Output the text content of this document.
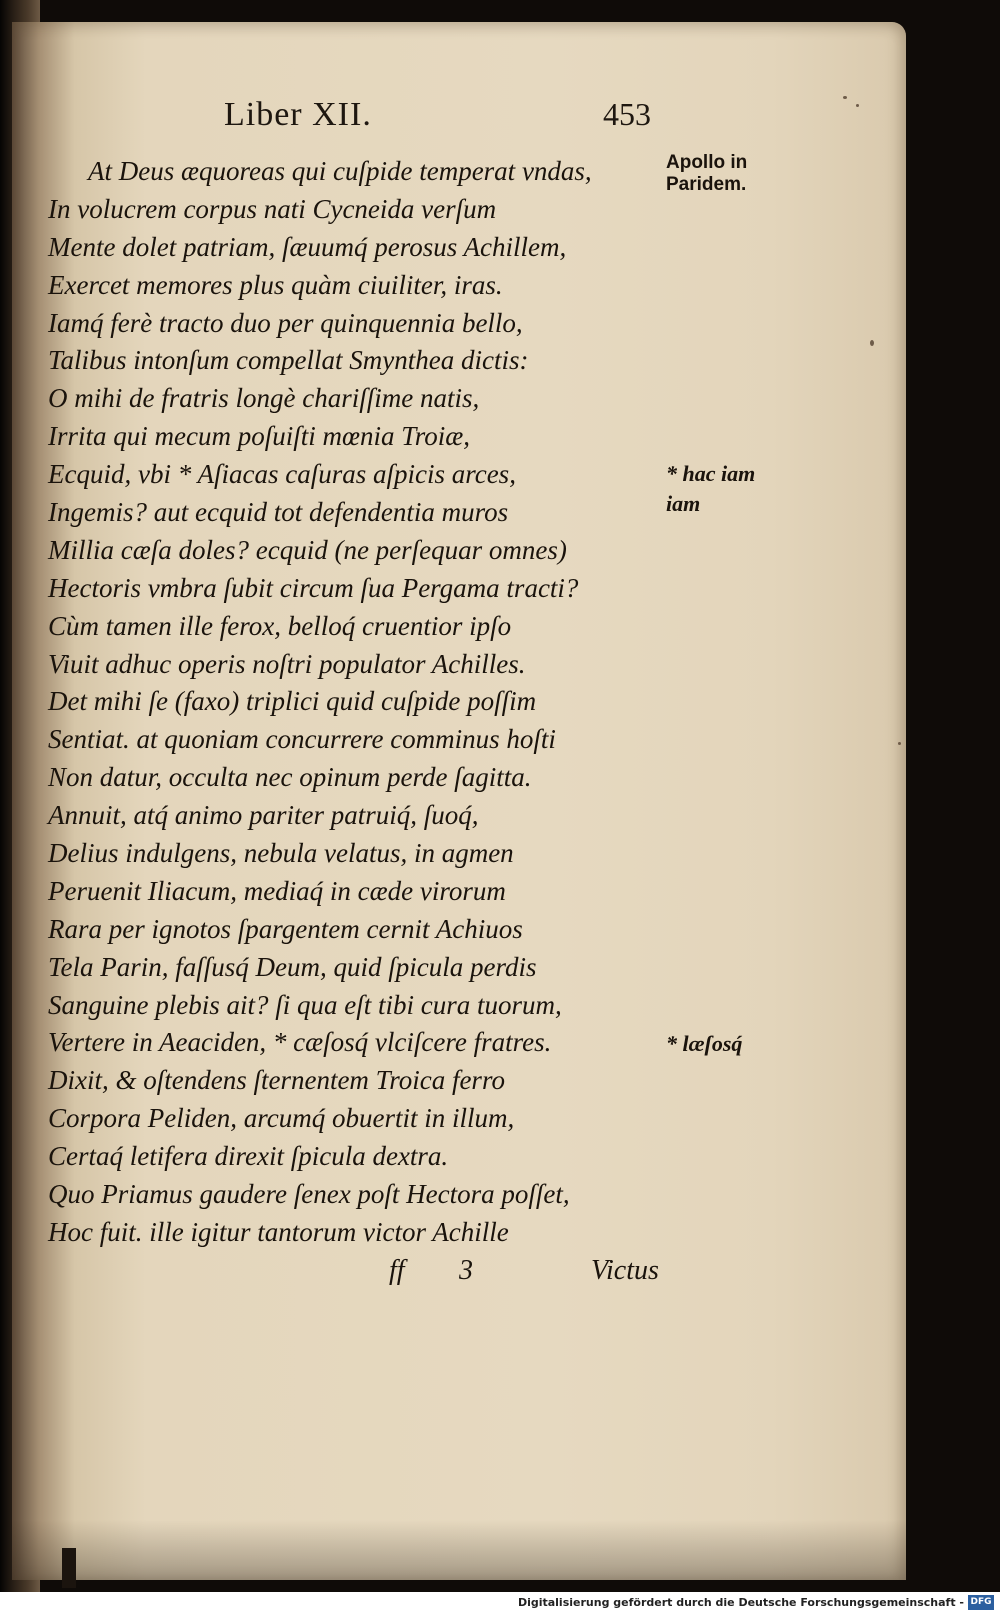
Liber XII.	453
At Deus æquoreas qui cuſpide temperat vndas,
In volucrem corpus nati Cycneida verſum
Mente dolet patriam, ſæuumq́ perosus Achillem,
Exercet memores plus quàm ciuiliter, iras.
Iamq́ ferè tracto duo per quinquennia bello,
Talibus intonſum compellat Smynthea dictis:
O mihi de fratris longè chariſſime natis,
Irrita qui mecum poſuiſti mœnia Troiæ,
Ecquid, vbi * Aſiacas caſuras aſpicis arces,
Ingemis? aut ecquid tot defendentia muros
Millia cæſa doles? ecquid (ne perſequar omnes)
Hectoris vmbra ſubit circum ſua Pergama tracti?
Cùm tamen ille ferox, belloq́ cruentior ipſo
Viuit adhuc operis noſtri populator Achilles.
Det mihi ſe (faxo) triplici quid cuſpide poſſim
Sentiat. at quoniam concurrere comminus hoſti
Non datur, occulta nec opinum perde ſagitta.
Annuit, atq́ animo pariter patruiq́, ſuoq́,
Delius indulgens, nebula velatus, in agmen
Peruenit Iliacum, mediaq́ in cæde virorum
Rara per ignotos ſpargentem cernit Achiuos
Tela Parin, faſſusq́ Deum, quid ſpicula perdis
Sanguine plebis ait? ſi qua eſt tibi cura tuorum,
Vertere in Aeaciden, * cæſosq́ vlciſcere fratres.
Dixit, & oſtendens ſternentem Troica ferro
Corpora Peliden, arcumq́ obuertit in illum,
Certaq́ letifera direxit ſpicula dextra.
Quo Priamus gaudere ſenex poſt Hectora poſſet,
Hoc fuit. ille igitur tantorum victor Achille
Apollo in
Paridem.
* hac iam
iam
* læſosq́
ff 3	Victus
Digitalisierung gefördert durch die Deutsche Forschungsgemeinschaft - DFG
